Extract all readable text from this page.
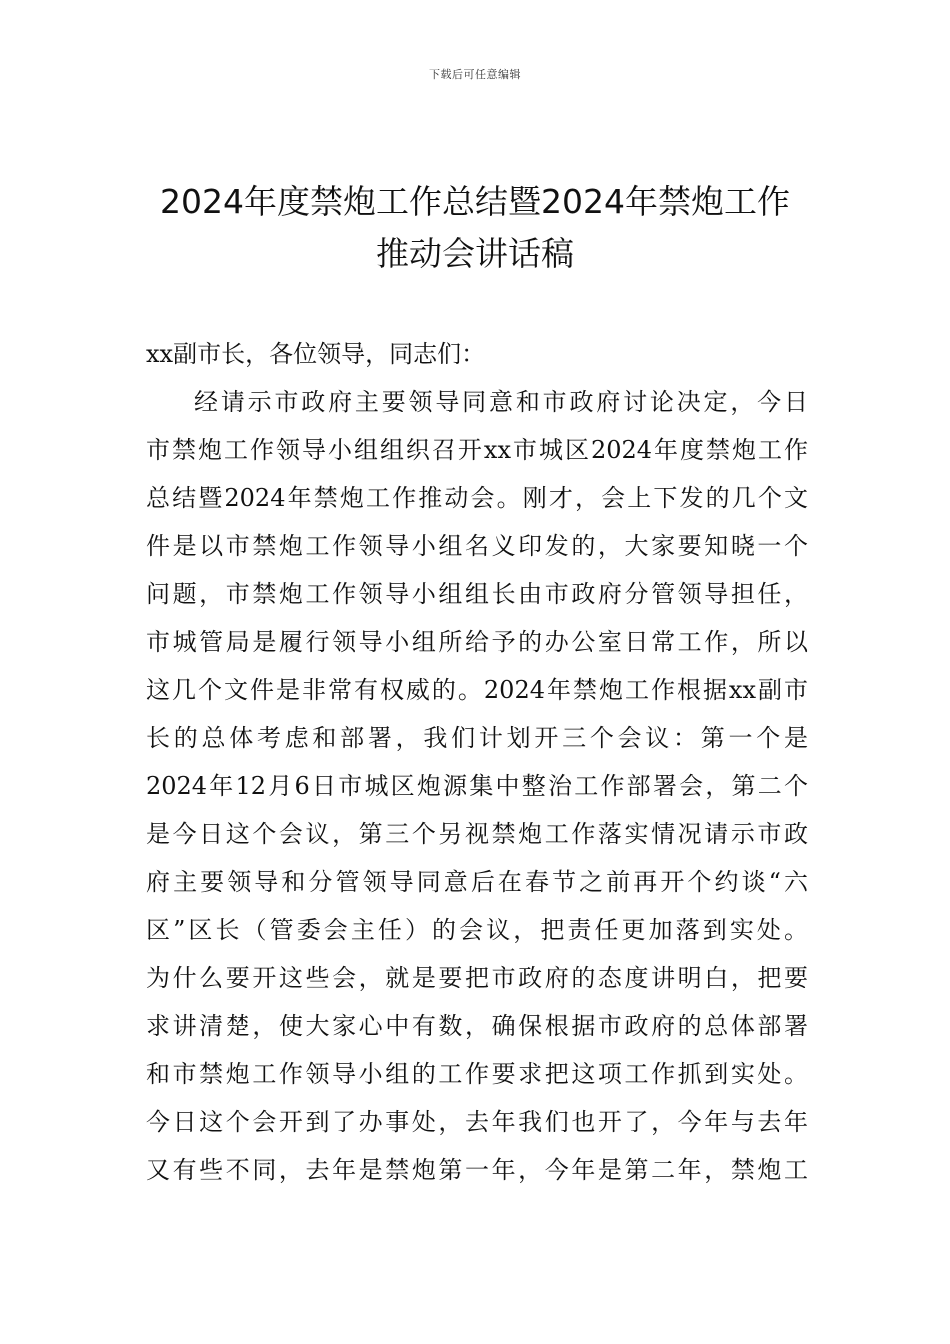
下载后可任意编辑
2024年度禁炮工作总结暨2024年禁炮工作
推动会讲话稿
xx副市长，各位领导，同志们：
经请示市政府主要领导同意和市政府讨论决定，今日
市禁炮工作领导小组组织召开xx市城区2024年度禁炮工作
总结暨2024年禁炮工作推动会。刚才，会上下发的几个文
件是以市禁炮工作领导小组名义印发的，大家要知晓一个
问题，市禁炮工作领导小组组长由市政府分管领导担任，
市城管局是履行领导小组所给予的办公室日常工作，所以
这几个文件是非常有权威的。2024年禁炮工作根据xx副市
长的总体考虑和部署，我们计划开三个会议：第一个是
2024年12月6日市城区炮源集中整治工作部署会，第二个
是今日这个会议，第三个另视禁炮工作落实情况请示市政
府主要领导和分管领导同意后在春节之前再开个约谈“六
区”区长（管委会主任）的会议，把责任更加落到实处。
为什么要开这些会，就是要把市政府的态度讲明白，把要
求讲清楚，使大家心中有数，确保根据市政府的总体部署
和市禁炮工作领导小组的工作要求把这项工作抓到实处。
今日这个会开到了办事处，去年我们也开了，今年与去年
又有些不同，去年是禁炮第一年，今年是第二年，禁炮工
